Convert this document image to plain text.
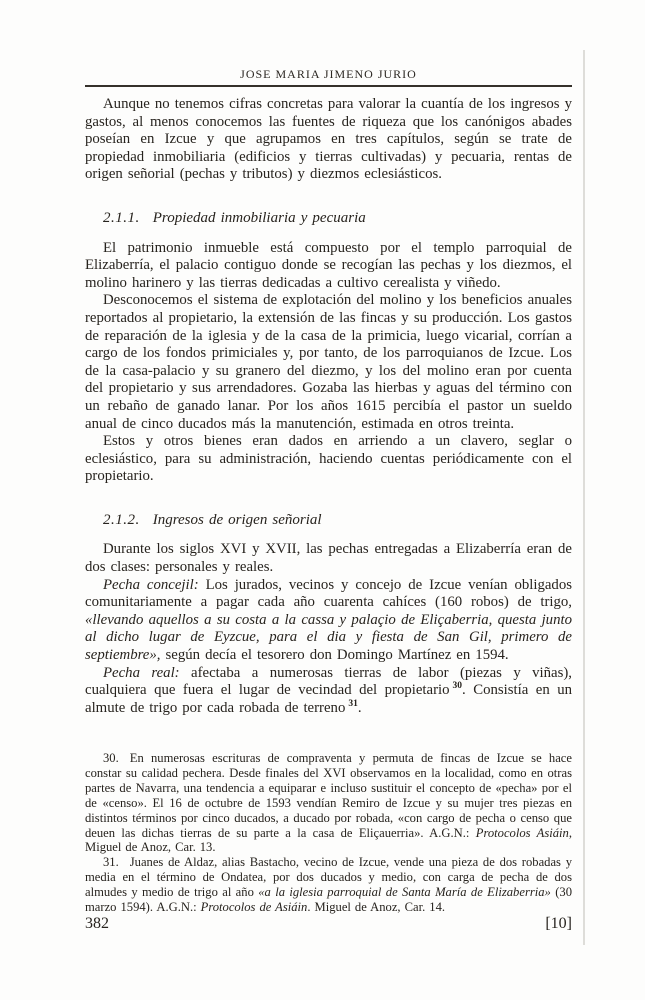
JOSE MARIA JIMENO JURIO

Aunque no tenemos cifras concretas para valorar la cuantía de los ingresos y gastos, al menos conocemos las fuentes de riqueza que los canónigos abades poseían en Izcue y que agrupamos en tres capítulos, según se trate de propiedad inmobiliaria (edificios y tierras cultivadas) y pecuaria, rentas de origen señorial (pechas y tributos) y diezmos eclesiásticos.

2.1.1. Propiedad inmobiliaria y pecuaria

El patrimonio inmueble está compuesto por el templo parroquial de Elizaberría, el palacio contiguo donde se recogían las pechas y los diezmos, el molino harinero y las tierras dedicadas a cultivo cerealista y viñedo.

Desconocemos el sistema de explotación del molino y los beneficios anuales reportados al propietario, la extensión de las fincas y su producción. Los gastos de reparación de la iglesia y de la casa de la primicia, luego vicarial, corrían a cargo de los fondos primiciales y, por tanto, de los parroquianos de Izcue. Los de la casa-palacio y su granero del diezmo, y los del molino eran por cuenta del propietario y sus arrendadores. Gozaba las hierbas y aguas del término con un rebaño de ganado lanar. Por los años 1615 percibía el pastor un sueldo anual de cinco ducados más la manutención, estimada en otros treinta.

Estos y otros bienes eran dados en arriendo a un clavero, seglar o eclesiástico, para su administración, haciendo cuentas periódicamente con el propietario.

2.1.2. Ingresos de origen señorial

Durante los siglos XVI y XVII, las pechas entregadas a Elizaberría eran de dos clases: personales y reales.

Pecha concejil: Los jurados, vecinos y concejo de Izcue venían obligados comunitariamente a pagar cada año cuarenta cahíces (160 robos) de trigo, «llevando aquellos a su costa a la cassa y palaçio de Eliçaberria, questa junto al dicho lugar de Eyzcue, para el dia y fiesta de San Gil, primero de septiembre», según decía el tesorero don Domingo Martínez en 1594.

Pecha real: afectaba a numerosas tierras de labor (piezas y viñas), cualquiera que fuera el lugar de vecindad del propietario $^{30}$. Consistía en un almute de trigo por cada robada de terreno $^{31}$.

30. En numerosas escrituras de compraventa y permuta de fincas de Izcue se hace constar su calidad pechera. Desde finales del XVI observamos en la localidad, como en otras partes de Navarra, una tendencia a equiparar e incluso sustituir el concepto de «pecha» por el de «censo». El 16 de octubre de 1593 vendían Remiro de Izcue y su mujer tres piezas en distintos términos por cinco ducados, a ducado por robada, «con cargo de pecha o censo que deuen las dichas tierras de su parte a la casa de Eliçauerria». A.G.N.: Protocolos Asiáin, Miguel de Anoz, Car. 13.

31. Juanes de Aldaz, alias Bastacho, vecino de Izcue, vende una pieza de dos robadas y media en el término de Ondatea, por dos ducados y medio, con carga de pecha de dos almudes y medio de trigo al año «a la iglesia parroquial de Santa María de Elizaberria» (30 marzo 1594). A.G.N.: Protocolos de Asiáin. Miguel de Anoz, Car. 14.

382	[10]
